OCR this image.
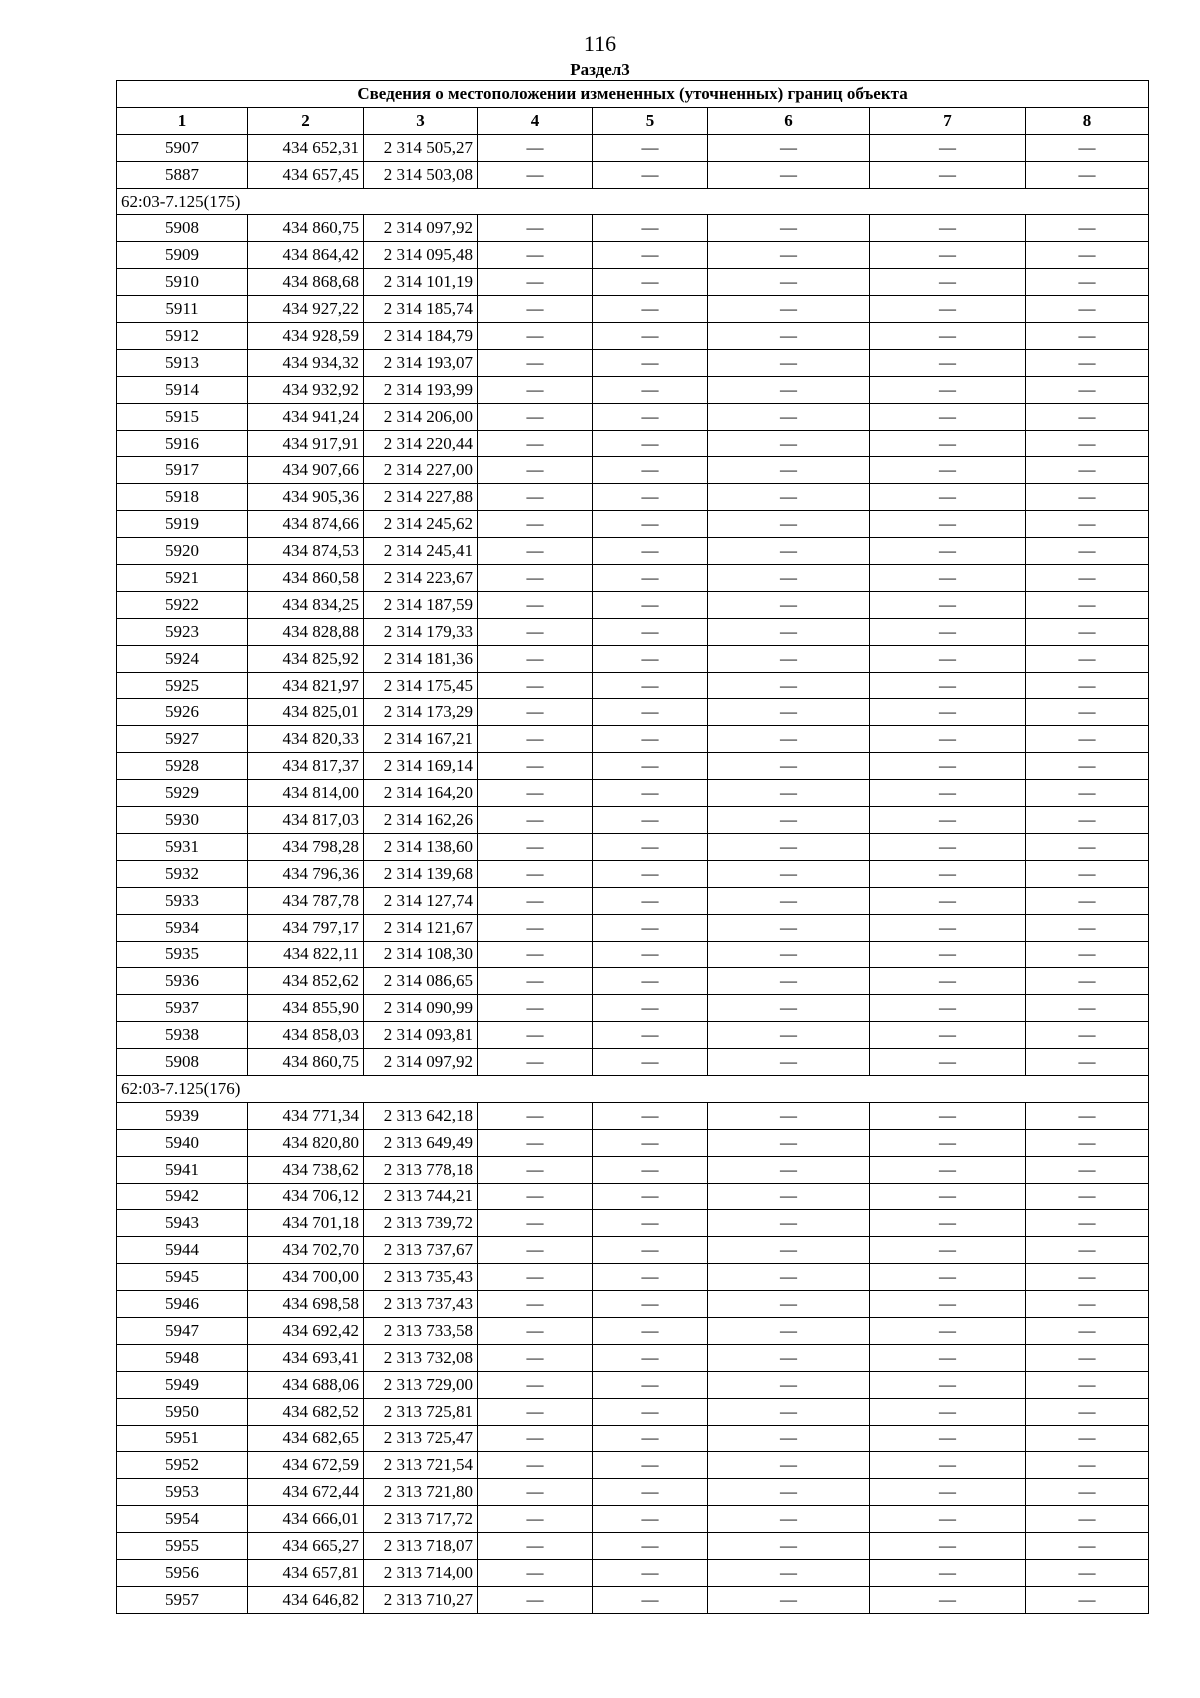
116
Раздел3
Сведения о местоположении измененных (уточненных) границ объекта							
1	2	3	4	5	6	7	8
5907	434 652,31	2 314 505,27	—	—	—	—	—
5887	434 657,45	2 314 503,08	—	—	—	—	—
62:03-7.125(175)							
5908	434 860,75	2 314 097,92	—	—	—	—	—
5909	434 864,42	2 314 095,48	—	—	—	—	—
5910	434 868,68	2 314 101,19	—	—	—	—	—
5911	434 927,22	2 314 185,74	—	—	—	—	—
5912	434 928,59	2 314 184,79	—	—	—	—	—
5913	434 934,32	2 314 193,07	—	—	—	—	—
5914	434 932,92	2 314 193,99	—	—	—	—	—
5915	434 941,24	2 314 206,00	—	—	—	—	—
5916	434 917,91	2 314 220,44	—	—	—	—	—
5917	434 907,66	2 314 227,00	—	—	—	—	—
5918	434 905,36	2 314 227,88	—	—	—	—	—
5919	434 874,66	2 314 245,62	—	—	—	—	—
5920	434 874,53	2 314 245,41	—	—	—	—	—
5921	434 860,58	2 314 223,67	—	—	—	—	—
5922	434 834,25	2 314 187,59	—	—	—	—	—
5923	434 828,88	2 314 179,33	—	—	—	—	—
5924	434 825,92	2 314 181,36	—	—	—	—	—
5925	434 821,97	2 314 175,45	—	—	—	—	—
5926	434 825,01	2 314 173,29	—	—	—	—	—
5927	434 820,33	2 314 167,21	—	—	—	—	—
5928	434 817,37	2 314 169,14	—	—	—	—	—
5929	434 814,00	2 314 164,20	—	—	—	—	—
5930	434 817,03	2 314 162,26	—	—	—	—	—
5931	434 798,28	2 314 138,60	—	—	—	—	—
5932	434 796,36	2 314 139,68	—	—	—	—	—
5933	434 787,78	2 314 127,74	—	—	—	—	—
5934	434 797,17	2 314 121,67	—	—	—	—	—
5935	434 822,11	2 314 108,30	—	—	—	—	—
5936	434 852,62	2 314 086,65	—	—	—	—	—
5937	434 855,90	2 314 090,99	—	—	—	—	—
5938	434 858,03	2 314 093,81	—	—	—	—	—
5908	434 860,75	2 314 097,92	—	—	—	—	—
62:03-7.125(176)							
5939	434 771,34	2 313 642,18	—	—	—	—	—
5940	434 820,80	2 313 649,49	—	—	—	—	—
5941	434 738,62	2 313 778,18	—	—	—	—	—
5942	434 706,12	2 313 744,21	—	—	—	—	—
5943	434 701,18	2 313 739,72	—	—	—	—	—
5944	434 702,70	2 313 737,67	—	—	—	—	—
5945	434 700,00	2 313 735,43	—	—	—	—	—
5946	434 698,58	2 313 737,43	—	—	—	—	—
5947	434 692,42	2 313 733,58	—	—	—	—	—
5948	434 693,41	2 313 732,08	—	—	—	—	—
5949	434 688,06	2 313 729,00	—	—	—	—	—
5950	434 682,52	2 313 725,81	—	—	—	—	—
5951	434 682,65	2 313 725,47	—	—	—	—	—
5952	434 672,59	2 313 721,54	—	—	—	—	—
5953	434 672,44	2 313 721,80	—	—	—	—	—
5954	434 666,01	2 313 717,72	—	—	—	—	—
5955	434 665,27	2 313 718,07	—	—	—	—	—
5956	434 657,81	2 313 714,00	—	—	—	—	—
5957	434 646,82	2 313 710,27	—	—	—	—	—
